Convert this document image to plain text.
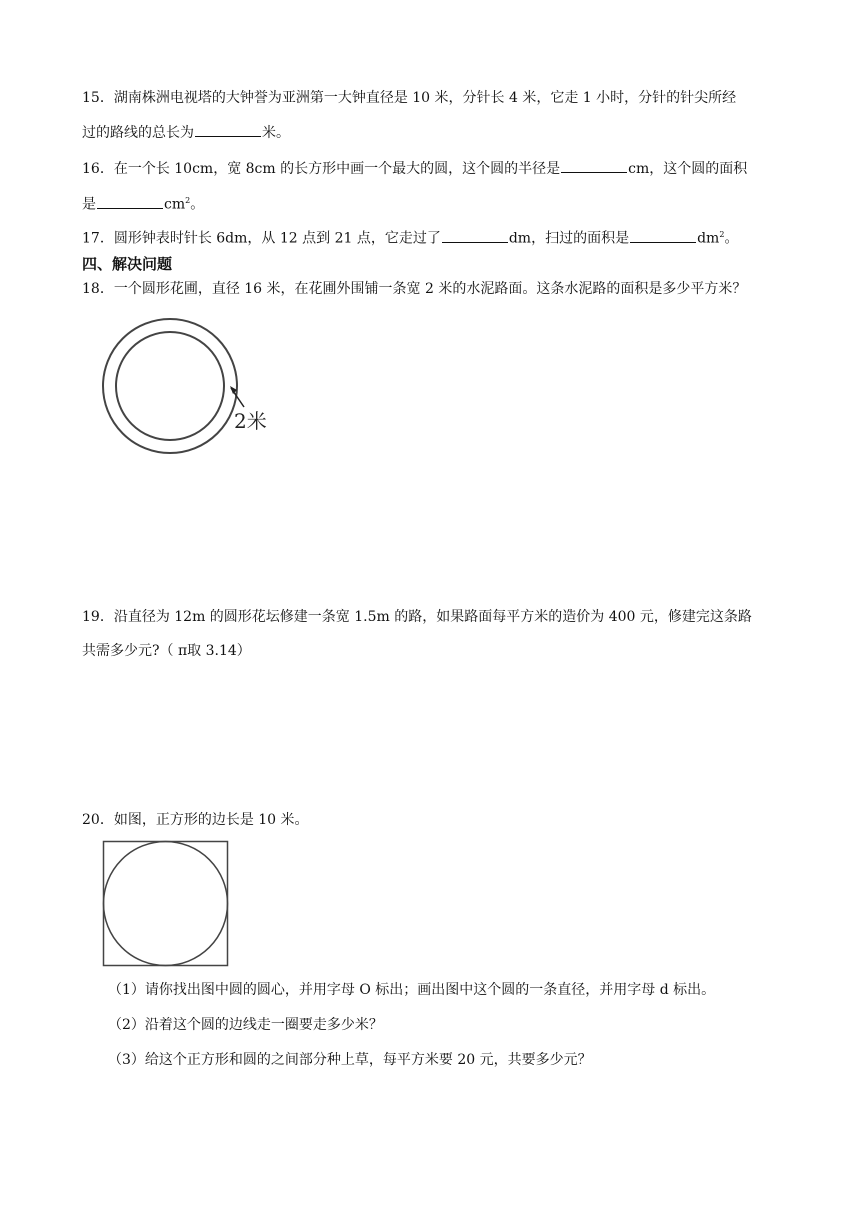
15．湖南株洲电视塔的大钟誉为亚洲第一大钟直径是 10 米，分针长 4 米，它走 1 小时，分针的针尖所经
过的路线的总长为	米。
16．在一个长 10cm，宽 8cm 的长方形中画一个最大的圆，这个圆的半径是	cm，这个圆的面积
是	$cm^2$。
17．圆形钟表时针长 6dm，从 12 点到 21 点，它走过了	dm，扫过的面积是	$dm^2$。
四、解决问题
18．一个圆形花圃，直径 16 米，在花圃外围铺一条宽 2 米的水泥路面。这条水泥路的面积是多少平方米？
2米
19．沿直径为 12m 的圆形花坛修建一条宽 1.5m 的路，如果路面每平方米的造价为 400 元，修建完这条路
共需多少元?（ π取 3.14）
20．如图，正方形的边长是 10 米。
（1）请你找出图中圆的圆心，并用字母 O 标出；画出图中这个圆的一条直径，并用字母 d 标出。
（2）沿着这个圆的边线走一圈要走多少米？
（3）给这个正方形和圆的之间部分种上草，每平方米要 20 元，共要多少元？
